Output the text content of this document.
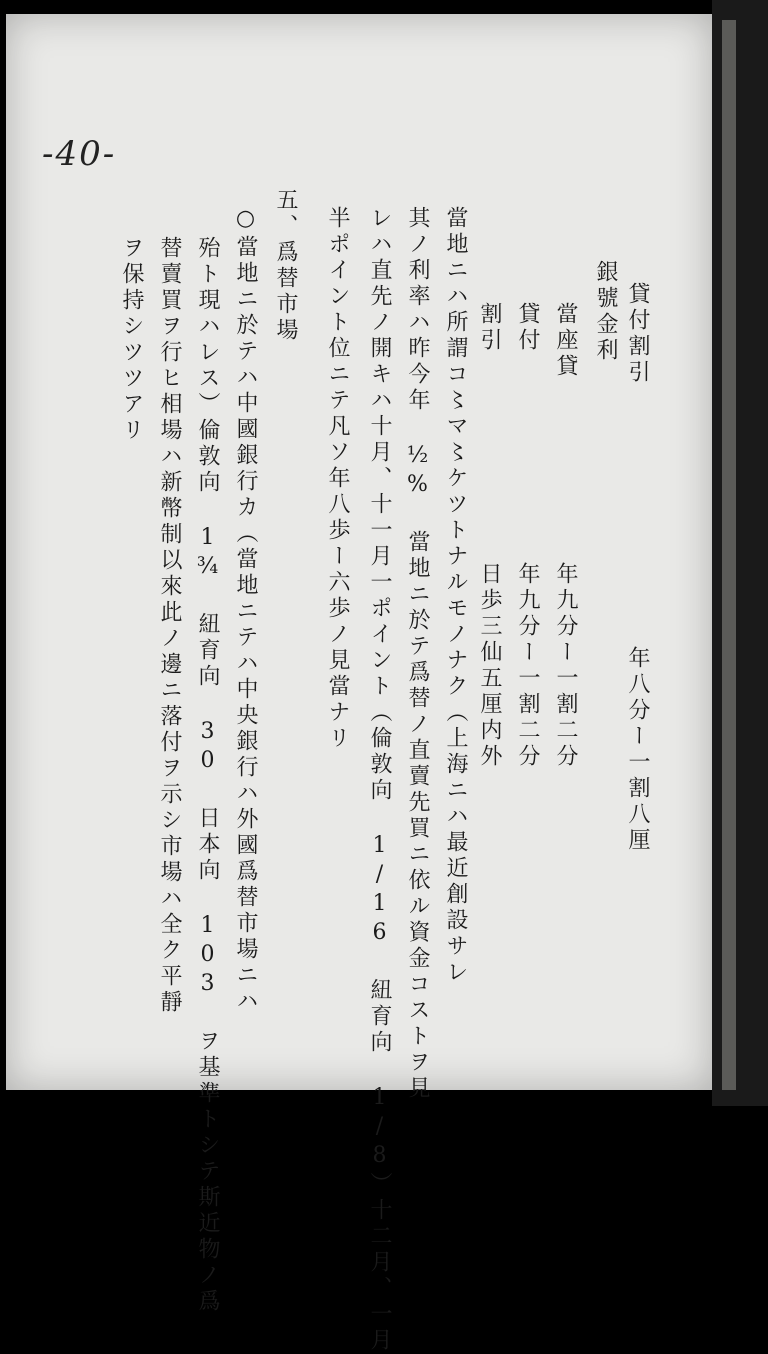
-40-
貸付割引　　　　　　　　　　年八分ー一割八厘
　銀號金利
　　當座貸　　　　　　　年九分ー一割二分
　　貸付　　　　　　　　年九分ー一割二分
　　割引　　　　　　　　日歩三仙五厘内外
當地ニハ所謂コ〻マ〻ケツトナルモノナク（上海ニハ最近創設サレ
其ノ利率ハ昨今年 ½% 當地ニ於テ爲替ノ直賣先買ニ依ル資金コストヲ見
レハ直先ノ開キハ十月、十一月一ポイント（倫敦向 1/16 紐育向 1/8）十二月、一月
半ポイント位ニテ凡ソ年八歩ー六歩ノ見當ナリ
五、爲替市場
○當地ニ於テハ中國銀行カ（當地ニテハ中央銀行ハ外國爲替市場ニハ
殆ト現ハレス）倫敦向 1¾ 紐育向 30 日本向 103 ヲ基準トシテ斯近物ノ爲
替賣買ヲ行ヒ相場ハ新幣制以來此ノ邊ニ落付ヲ示シ市場ハ全ク平靜
ヲ保持シツツアリ
